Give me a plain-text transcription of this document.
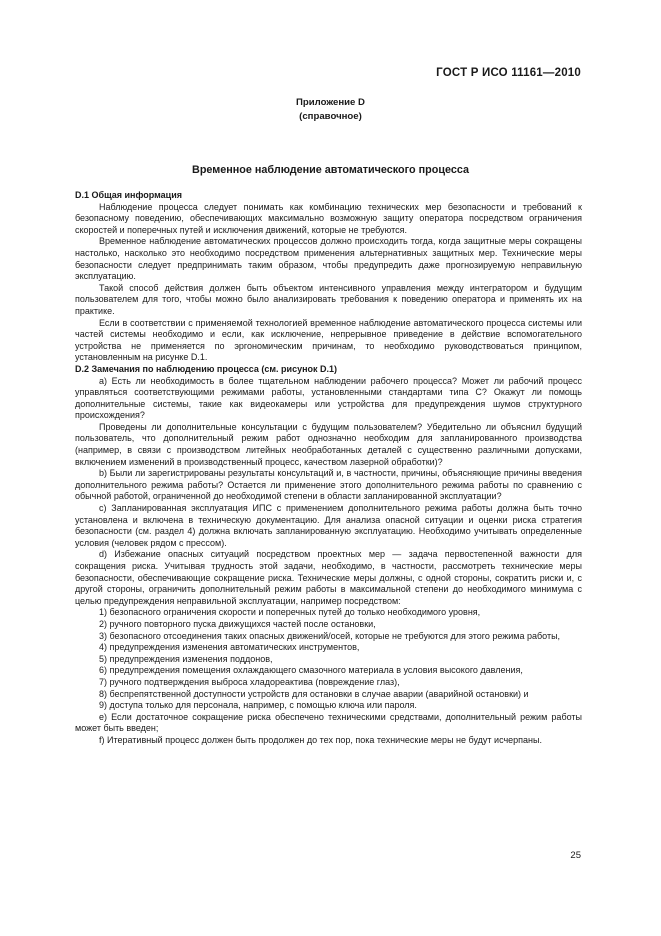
ГОСТ Р ИСО 11161—2010
Приложение D
(справочное)
Временное наблюдение автоматического процесса

D.1 Общая информация

Наблюдение процесса следует понимать как комбинацию технических мер безопасности и требований к безопасному поведению, обеспечивающих максимально возможную защиту оператора посредством ограничения скоростей и поперечных путей и исключения движений, которые не требуются.

Временное наблюдение автоматических процессов должно происходить тогда, когда защитные меры сокращены настолько, насколько это необходимо посредством применения альтернативных защитных мер. Технические меры безопасности следует предпринимать таким образом, чтобы предупредить даже прогнозируемую неправильную эксплуатацию.

Такой способ действия должен быть объектом интенсивного управления между интегратором и будущим пользователем для того, чтобы можно было анализировать требования к поведению оператора и применять их на практике.

Если в соответствии с применяемой технологией временное наблюдение автоматического процесса системы или частей системы необходимо и если, как исключение, непрерывное приведение в действие вспомогательного устройства не применяется по эргономическим причинам, то необходимо руководствоваться принципом, установленным на рисунке D.1.

D.2 Замечания по наблюдению процесса (см. рисунок D.1)

a) Есть ли необходимость в более тщательном наблюдении рабочего процесса? Может ли рабочий процесс управляться соответствующими режимами работы, установленными стандартами типа С? Окажут ли помощь дополнительные системы, такие как видеокамеры или устройства для предупреждения шумов структурного происхождения?

Проведены ли дополнительные консультации с будущим пользователем? Убедительно ли объяснил будущий пользователь, что дополнительный режим работ однозначно необходим для запланированного производства (например, в связи с производством литейных необработанных деталей с существенно различными допусками, включением изменений в производственный процесс, качеством лазерной обработки)?

b) Были ли зарегистрированы результаты консультаций и, в частности, причины, объясняющие причины введения дополнительного режима работы? Остается ли применение этого дополнительного режима работы по сравнению с обычной работой, ограниченной до необходимой степени в области запланированной эксплуатации?

c) Запланированная эксплуатация ИПС с применением дополнительного режима работы должна быть точно установлена и включена в техническую документацию. Для анализа опасной ситуации и оценки риска стратегия безопасности (см. раздел 4) должна включать запланированную эксплуатацию. Необходимо учитывать определенные условия (человек рядом с прессом).

d) Избежание опасных ситуаций посредством проектных мер — задача первостепенной важности для сокращения риска. Учитывая трудность этой задачи, необходимо, в частности, рассмотреть технические меры безопасности, обеспечивающие сокращение риска. Технические меры должны, с одной стороны, сократить риски и, с другой стороны, ограничить дополнительный режим работы в максимальной степени до необходимого минимума с целью предупреждения неправильной эксплуатации, например посредством:

1) безопасного ограничения скорости и поперечных путей до только необходимого уровня,

2) ручного повторного пуска движущихся частей после остановки,

3) безопасного отсоединения таких опасных движений/осей, которые не требуются для этого режима работы,

4) предупреждения изменения автоматических инструментов,

5) предупреждения изменения поддонов,

6) предупреждения помещения охлаждающего смазочного материала в условия высокого давления,

7) ручного подтверждения выброса хладореактива (повреждение глаз),

8) беспрепятственной доступности устройств для остановки в случае аварии (аварийной остановки) и

9) доступа только для персонала, например, с помощью ключа или пароля.

e) Если достаточное сокращение риска обеспечено техническими средствами, дополнительный режим работы может быть введен;

f) Итеративный процесс должен быть продолжен до тех пор, пока технические меры не будут исчерпаны.

25
